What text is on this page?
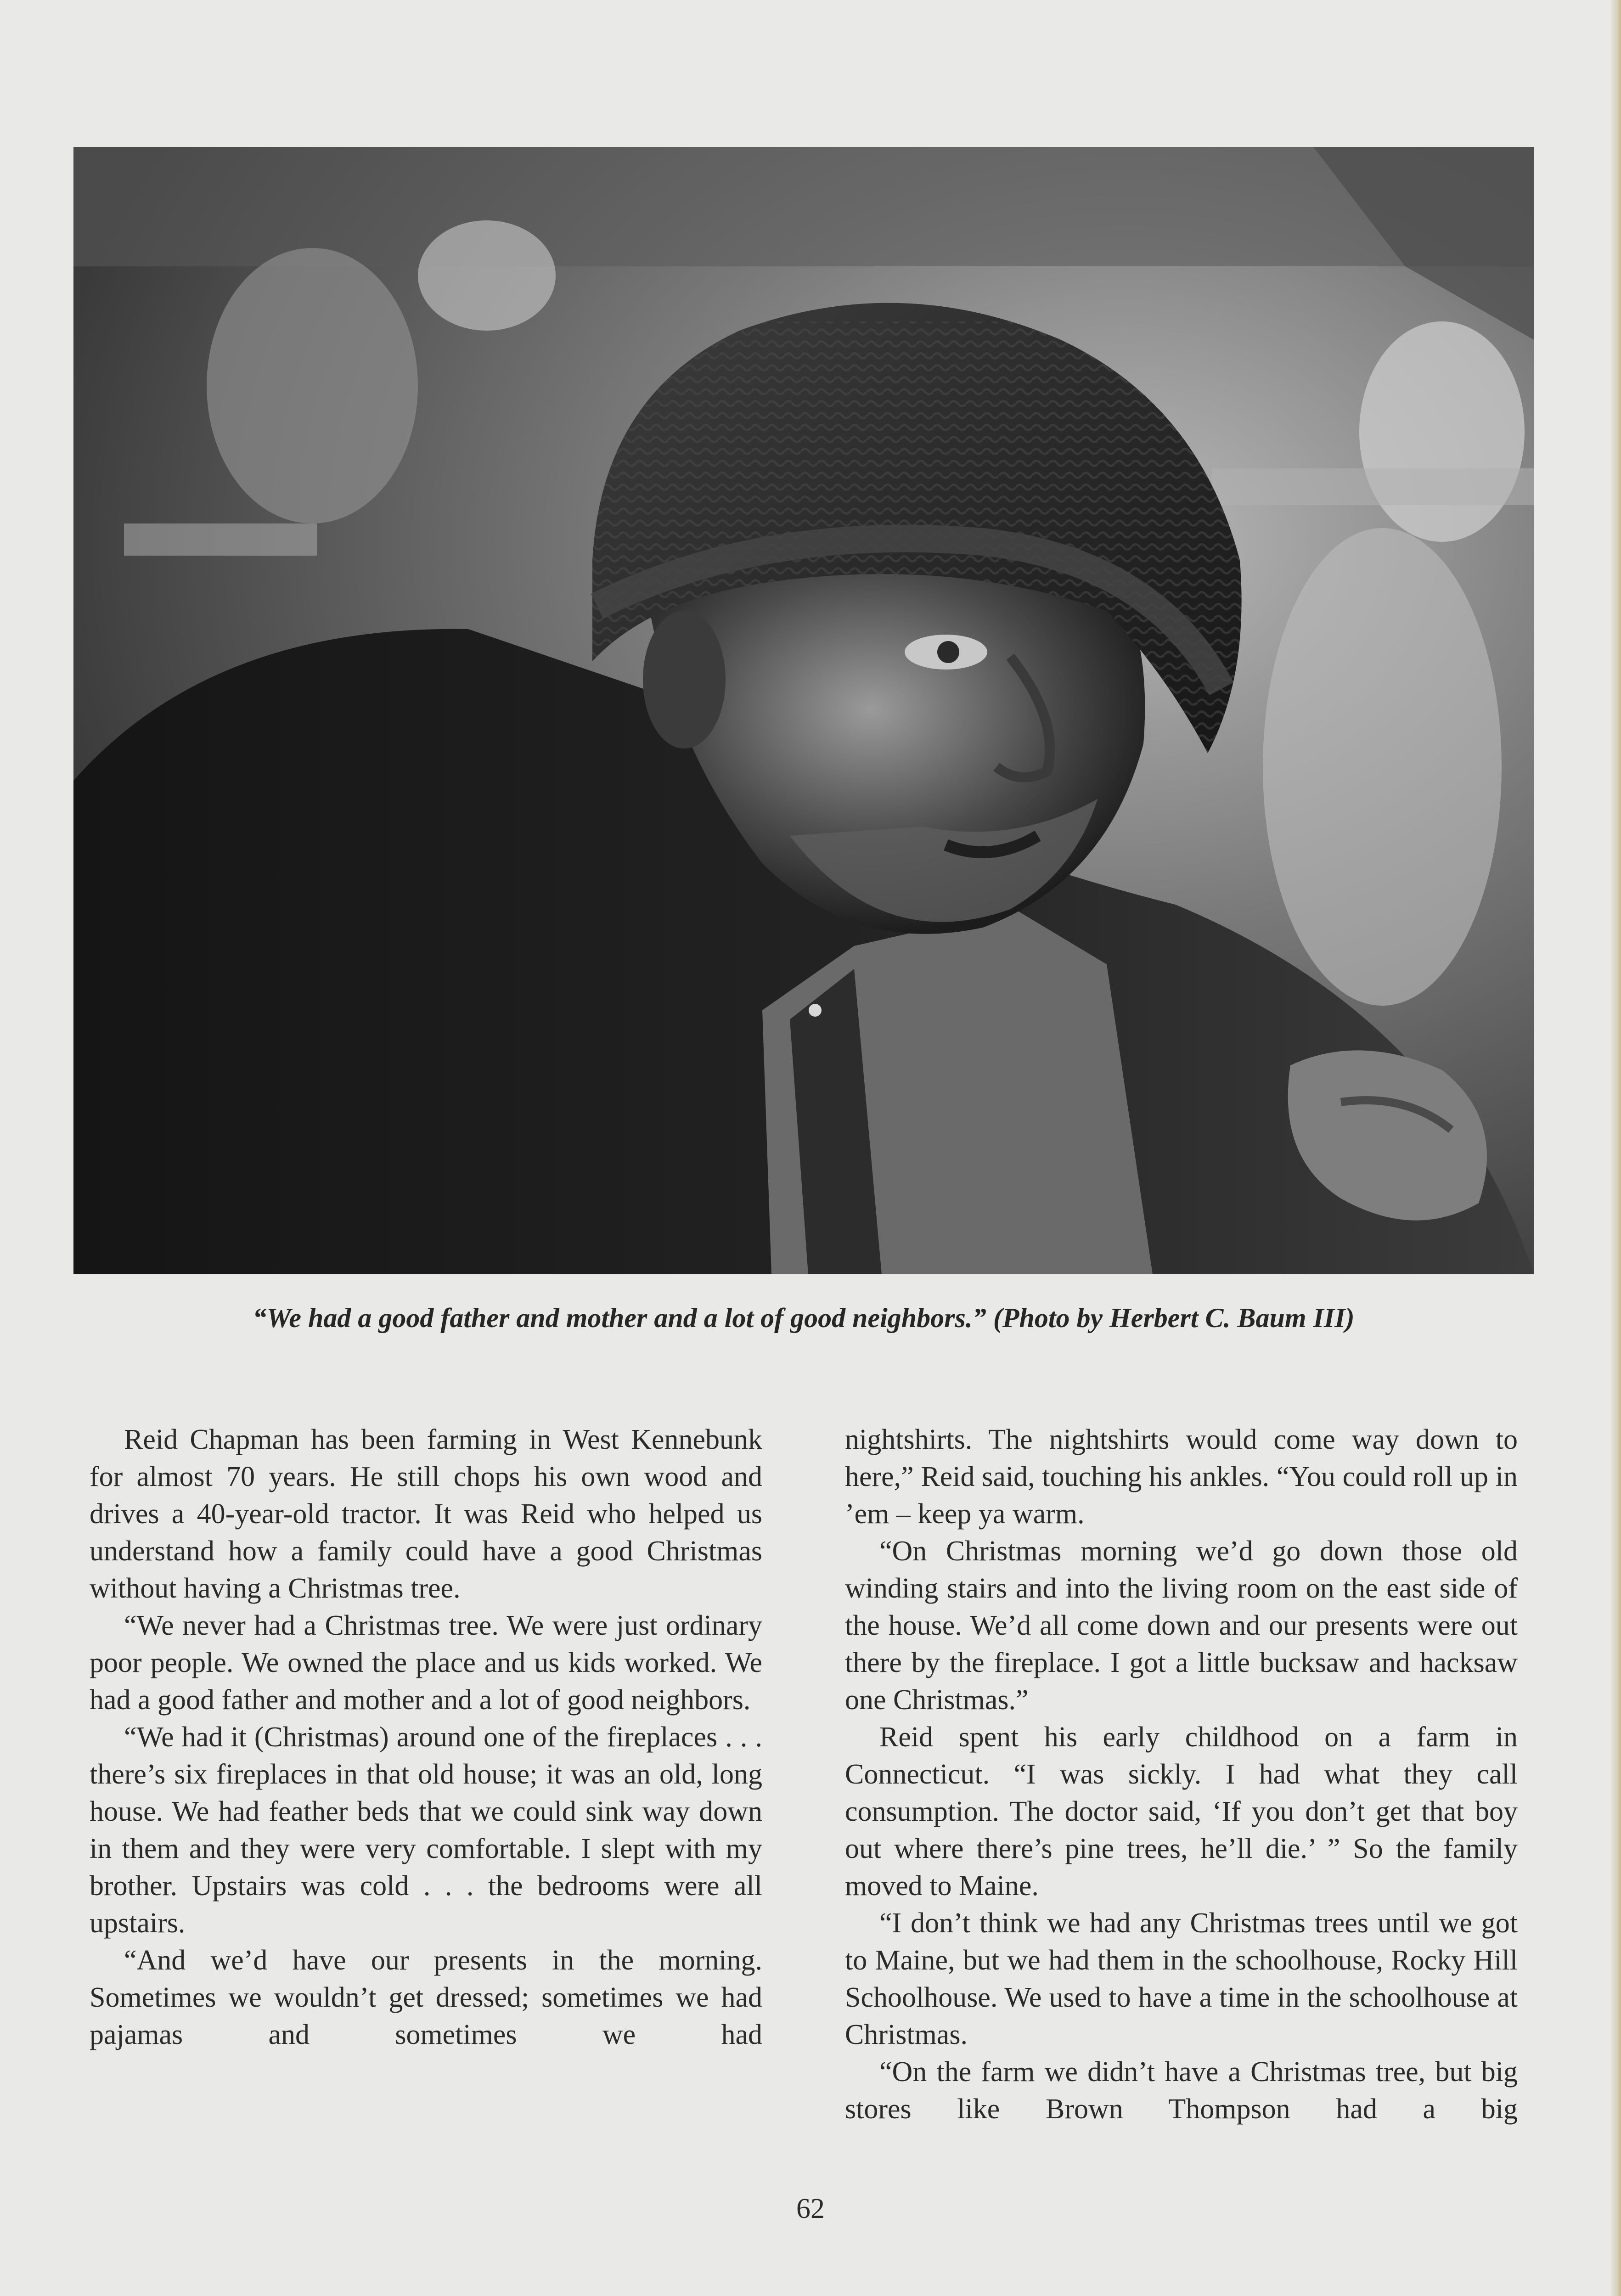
“We had a good father and mother and a lot of good neighbors.” (Photo by Herbert C. Baum III)

Reid Chapman has been farming in West Kennebunk for almost 70 years. He still chops his own wood and drives a 40-year-old tractor. It was Reid who helped us understand how a family could have a good Christmas without having a Christmas tree.

“We never had a Christmas tree. We were just ordinary poor people. We owned the place and us kids worked. We had a good father and mother and a lot of good neighbors.

“We had it (Christmas) around one of the fireplaces . . . there’s six fireplaces in that old house; it was an old, long house. We had feather beds that we could sink way down in them and they were very comfortable. I slept with my brother. Upstairs was cold . . . the bedrooms were all upstairs.

“And we’d have our presents in the morning. Sometimes we wouldn’t get dressed; sometimes we had pajamas and sometimes we had

nightshirts. The nightshirts would come way down to here,” Reid said, touching his ankles. “You could roll up in ’em – keep ya warm.

“On Christmas morning we’d go down those old winding stairs and into the living room on the east side of the house. We’d all come down and our presents were out there by the fireplace. I got a little bucksaw and hacksaw one Christmas.”

Reid spent his early childhood on a farm in Connecticut. “I was sickly. I had what they call consumption. The doctor said, ‘If you don’t get that boy out where there’s pine trees, he’ll die.’ ” So the family moved to Maine.

“I don’t think we had any Christmas trees until we got to Maine, but we had them in the schoolhouse, Rocky Hill Schoolhouse. We used to have a time in the schoolhouse at Christmas.

“On the farm we didn’t have a Christmas tree, but big stores like Brown Thompson had a big

62
